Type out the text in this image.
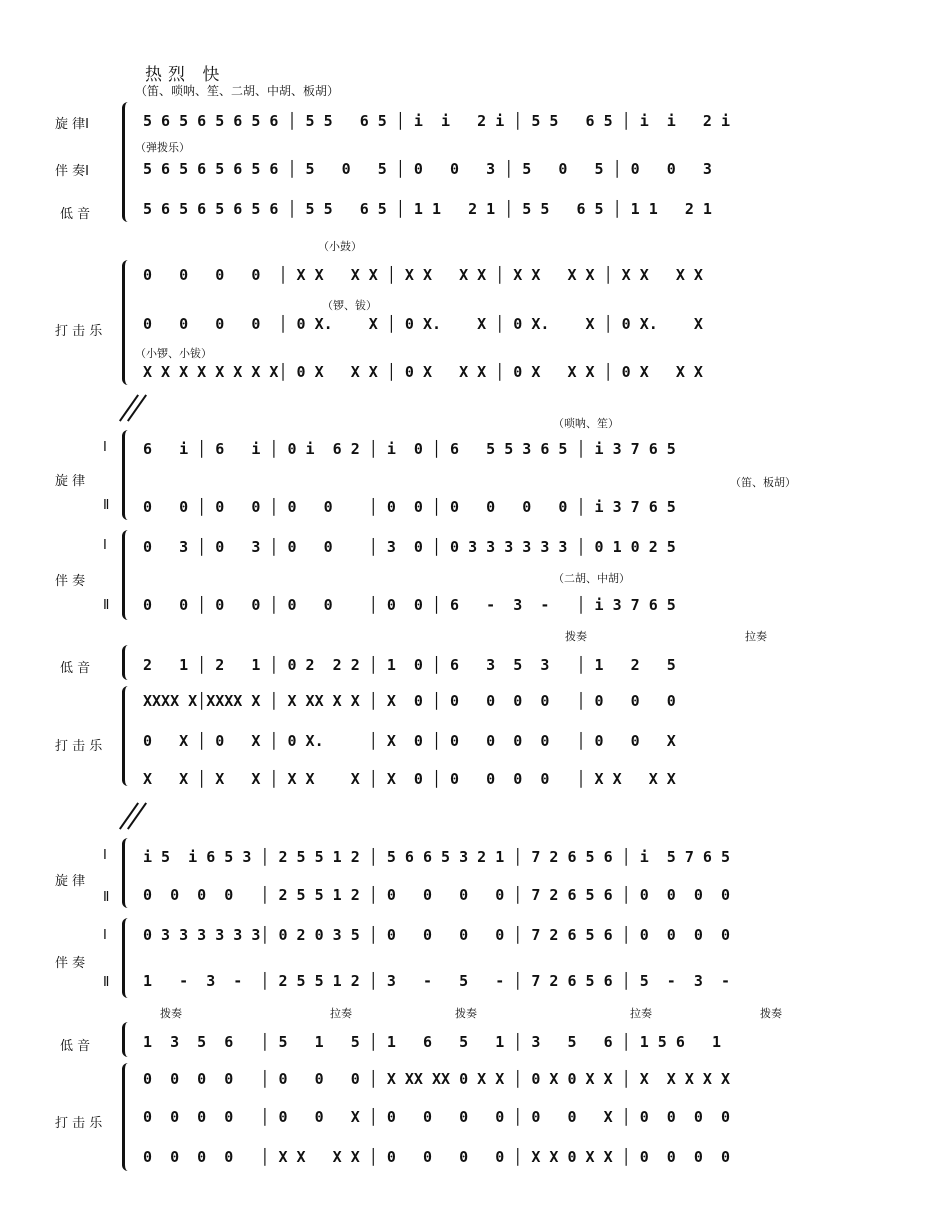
热烈 快
（笛、唢呐、笙、二胡、中胡、板胡）
旋 律Ⅰ
伴 奏Ⅰ
低 音
（弹拨乐）
5 6 5 6 5 6 5 6 │ 5 5   6 5 │ i  i   2 i │ 5 5   6 5 │ i  i   2 i
5 6 5 6 5 6 5 6 │ 5   0   5 │ 0   0   3 │ 5   0   5 │ 0   0   3
5 6 5 6 5 6 5 6 │ 5 5   6 5 │ 1 1   2 1 │ 5 5   6 5 │ 1 1   2 1
（小鼓）
打 击 乐
0   0   0   0  │ X X   X X │ X X   X X │ X X   X X │ X X   X X
（锣、钹）
0   0   0   0  │ 0 X.    X │ 0 X.    X │ 0 X.    X │ 0 X.    X
（小锣、小钹）
X X X X X X X X│ 0 X   X X │ 0 X   X X │ 0 X   X X │ 0 X   X X
（唢呐、笙）
Ⅰ
旋 律
Ⅱ
6   i │ 6   i │ 0 i  6 2 │ i  0 │ 6   5 5 3 6 5 │ i 3 7 6 5
（笛、板胡）
0   0 │ 0   0 │ 0   0    │ 0  0 │ 0   0   0   0 │ i 3 7 6 5
Ⅰ
伴 奏
Ⅱ
0   3 │ 0   3 │ 0   0    │ 3  0 │ 0 3 3 3 3 3 3 │ 0 1 0 2 5
（二胡、中胡）
0   0 │ 0   0 │ 0   0    │ 0  0 │ 6   -  3  -   │ i 3 7 6 5
拨奏	拉奏
低 音	2   1 │ 2   1 │ 0 2  2 2 │ 1  0 │ 6   3  5  3   │ 1   2   5
打 击 乐
XXXX X│XXXX X │ X XX X X │ X  0 │ 0   0  0  0   │ 0   0   0
0   X │ 0   X │ 0 X.     │ X  0 │ 0   0  0  0   │ 0   0   X
X   X │ X   X │ X X    X │ X  0 │ 0   0  0  0   │ X X   X X
Ⅰ
旋 律
Ⅱ
i 5  i 6 5 3 │ 2 5 5 1 2 │ 5 6 6 5 3 2 1 │ 7 2 6 5 6 │ i  5 7 6 5
0  0  0  0   │ 2 5 5 1 2 │ 0   0   0   0 │ 7 2 6 5 6 │ 0  0  0  0
Ⅰ
伴 奏
Ⅱ
0 3 3 3 3 3 3│ 0 2 0 3 5 │ 0   0   0   0 │ 7 2 6 5 6 │ 0  0  0  0
1   -  3  -  │ 2 5 5 1 2 │ 3   -   5   - │ 7 2 6 5 6 │ 5  -  3  -
拨奏	拉奏	拨奏	拉奏	拨奏
低 音	1  3  5  6   │ 5   1   5 │ 1   6   5   1 │ 3   5   6 │ 1 5 6   1
打 击 乐
0  0  0  0   │ 0   0   0 │ X XX XX 0 X X │ 0 X 0 X X │ X  X X X X
0  0  0  0   │ 0   0   X │ 0   0   0   0 │ 0   0   X │ 0  0  0  0
0  0  0  0   │ X X   X X │ 0   0   0   0 │ X X 0 X X │ 0  0  0  0
